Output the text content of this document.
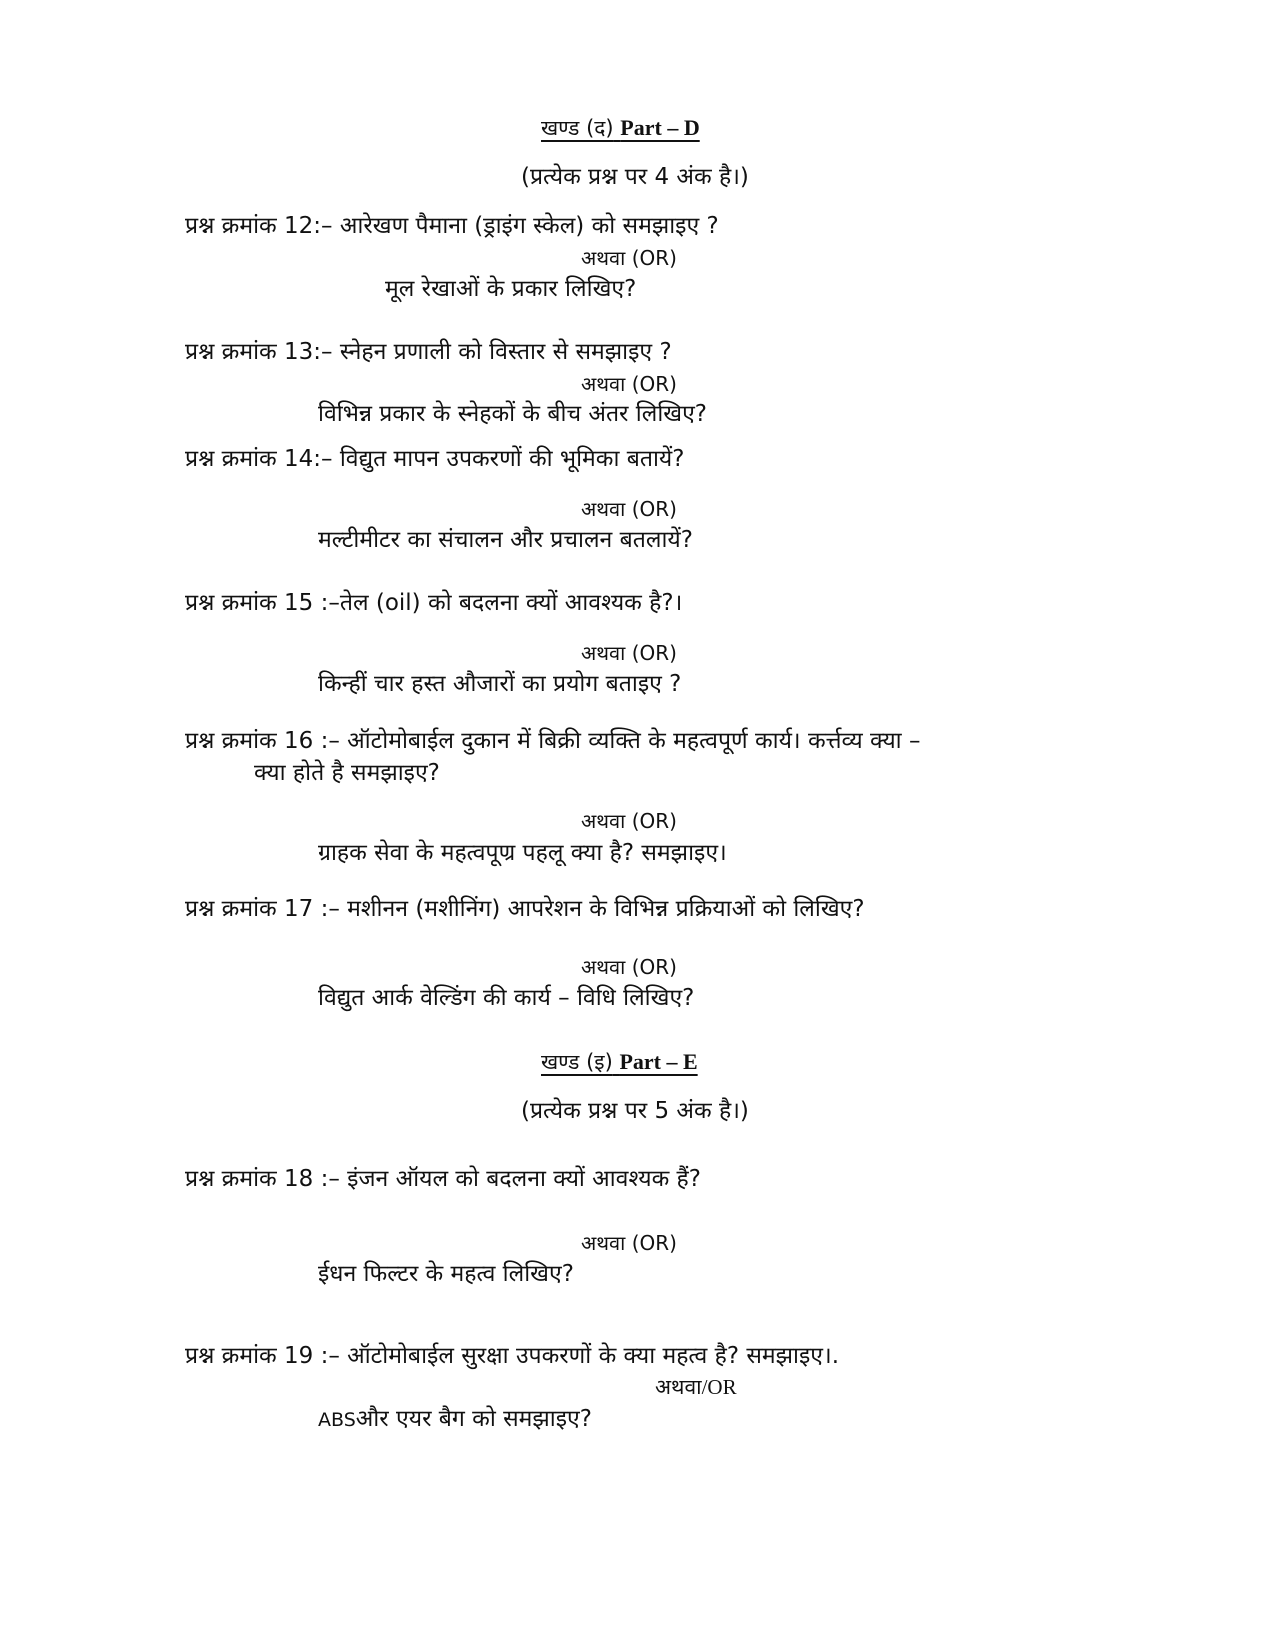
खण्ड (द) Part – D
(प्रत्येक प्रश्न पर 4 अंक है।)
प्रश्न क्रमांक 12:– आरेखण पैमाना (ड्राइंग स्केल) को समझाइए ?
अथवा (OR)
मूल रेखाओं के प्रकार लिखिए?
प्रश्न क्रमांक 13:– स्नेहन प्रणाली को विस्तार से समझाइए ?
अथवा (OR)
विभिन्न प्रकार के स्नेहकों के बीच अंतर लिखिए?
प्रश्न क्रमांक 14:– विद्युत मापन उपकरणों की भूमिका बतायें?
अथवा (OR)
मल्टीमीटर का संचालन और प्रचालन बतलायें?
प्रश्न क्रमांक 15 :–तेल (oil) को बदलना क्यों आवश्यक है?।
अथवा (OR)
किन्हीं चार हस्त औजारों का प्रयोग बताइए ?
प्रश्न क्रमांक 16 :– ऑटोमोबाईल दुकान में बिक्री व्यक्ति के महत्वपूर्ण कार्य। कर्त्तव्य क्या –
क्या होते है समझाइए?
अथवा (OR)
ग्राहक सेवा के महत्वपूण्र पहलू क्या है? समझाइए।
प्रश्न क्रमांक 17 :– मशीनन (मशीनिंग) आपरेशन के विभिन्न प्रक्रियाओं को लिखिए?
अथवा (OR)
विद्युत आर्क वेल्डिंग की कार्य – विधि लिखिए?
खण्ड (इ) Part – E
(प्रत्येक प्रश्न पर 5 अंक है।)
प्रश्न क्रमांक 18 :– इंजन ऑयल को बदलना क्यों आवश्यक हैं?
अथवा (OR)
ईधन फिल्टर के महत्व लिखिए?
प्रश्न क्रमांक 19 :– ऑटोमोबाईल सुरक्षा उपकरणों के क्या महत्व है? समझाइए।.
अथवा/OR
ABSऔर एयर बैग को समझाइए?
